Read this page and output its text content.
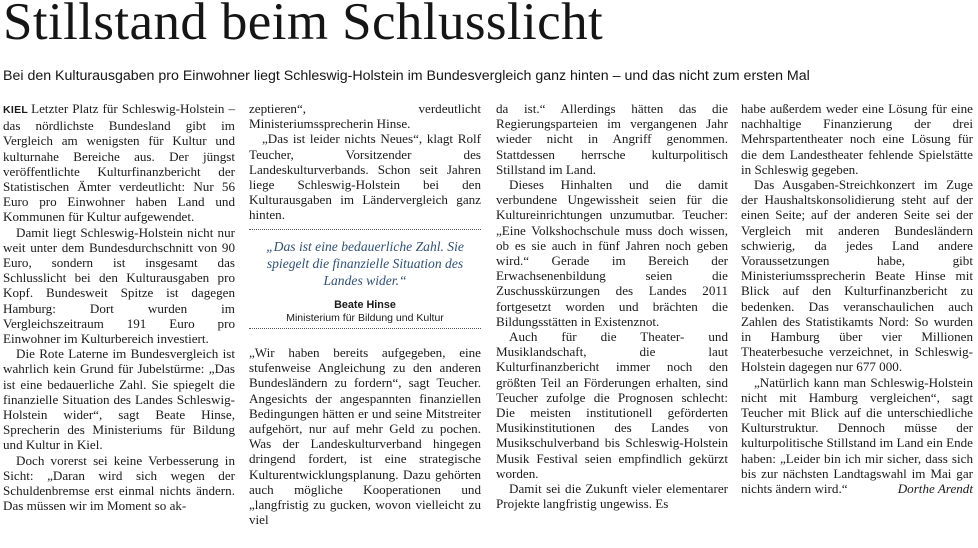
Stillstand beim Schlusslicht

Bei den Kulturausgaben pro Einwohner liegt Schleswig-Holstein im Bundesvergleich ganz hinten – und das nicht zum ersten Mal

KIEL Letzter Platz für Schleswig-Holstein – das nördlichste Bundesland gibt im Vergleich am wenigsten für Kultur und kulturnahe Bereiche aus. Der jüngst veröffentlichte Kulturfinanzbericht der Statistischen Ämter verdeutlicht: Nur 56 Euro pro Einwohner haben Land und Kommunen für Kultur aufgewendet.

Damit liegt Schleswig-Holstein nicht nur weit unter dem Bundesdurchschnitt von 90 Euro, sondern ist insgesamt das Schlusslicht bei den Kulturausgaben pro Kopf. Bundesweit Spitze ist dagegen Hamburg: Dort wurden im Vergleichszeitraum 191 Euro pro Einwohner im Kulturbereich investiert.

Die Rote Laterne im Bundesvergleich ist wahrlich kein Grund für Jubelstürme: „Das ist eine bedauerliche Zahl. Sie spiegelt die finanzielle Situation des Landes Schleswig-Holstein wider“, sagt Beate Hinse, Sprecherin des Ministeriums für Bildung und Kultur in Kiel.

Doch vorerst sei keine Verbesserung in Sicht: „Daran wird sich wegen der Schuldenbremse erst einmal nichts ändern. Das müssen wir im Moment so ak-

zeptieren“, verdeutlicht Ministeriumssprecherin Hinse.

„Das ist leider nichts Neues“, klagt Rolf Teucher, Vorsitzender des Landeskulturverbands. Schon seit Jahren liege Schleswig-Holstein bei den Kulturausgaben im Ländervergleich ganz hinten.

„Das ist eine bedauerliche Zahl. Sie spiegelt die finanzielle Situation des Landes wider.“

Beate Hinse

Ministerium für Bildung und Kultur

„Wir haben bereits aufgegeben, eine stufenweise Angleichung zu den anderen Bundesländern zu fordern“, sagt Teucher. Angesichts der angespannten finanziellen Bedingungen hätten er und seine Mitstreiter aufgehört, nur auf mehr Geld zu pochen. Was der Landeskulturverband hingegen dringend fordert, ist eine strategische Kulturentwicklungsplanung. Dazu gehörten auch mögliche Kooperationen und „langfristig zu gucken, wovon vielleicht zu viel

da ist.“ Allerdings hätten das die Regierungsparteien im vergangenen Jahr wieder nicht in Angriff genommen. Stattdessen herrsche kulturpolitisch Stillstand im Land.

Dieses Hinhalten und die damit verbundene Ungewissheit seien für die Kultureinrichtungen unzumutbar. Teucher: „Eine Volkshochschule muss doch wissen, ob es sie auch in fünf Jahren noch geben wird.“ Gerade im Bereich der Erwachsenenbildung seien die Zuschusskürzungen des Landes 2011 fortgesetzt worden und brächten die Bildungsstätten in Existenznot.

Auch für die Theater- und Musiklandschaft, die laut Kulturfinanzbericht immer noch den größten Teil an Förderungen erhalten, sind Teucher zufolge die Prognosen schlecht: Die meisten institutionell geförderten Musikinstitutionen des Landes von Musikschulverband bis Schleswig-Holstein Musik Festival seien empfindlich gekürzt worden.

Damit sei die Zukunft vieler elementarer Projekte langfristig ungewiss. Es

habe außerdem weder eine Lösung für eine nachhaltige Finanzierung der drei Mehrspartentheater noch eine Lösung für die dem Landestheater fehlende Spielstätte in Schleswig gegeben.

Das Ausgaben-Streichkonzert im Zuge der Haushaltskonsolidierung steht auf der einen Seite; auf der anderen Seite sei der Vergleich mit anderen Bundesländern schwierig, da jedes Land andere Voraussetzungen habe, gibt Ministeriumssprecherin Beate Hinse mit Blick auf den Kulturfinanzbericht zu bedenken. Das veranschaulichen auch Zahlen des Statistikamts Nord: So wurden in Hamburg über vier Millionen Theaterbesuche verzeichnet, in Schleswig-Holstein dagegen nur 677 000.

„Natürlich kann man Schleswig-Holstein nicht mit Hamburg vergleichen“, sagt Teucher mit Blick auf die unterschiedliche Kulturstruktur. Dennoch müsse der kulturpolitische Stillstand im Land ein Ende haben: „Leider bin ich mir sicher, dass sich bis zur nächsten Landtagswahl im Mai gar nichts ändern wird.“	Dorthe Arendt
